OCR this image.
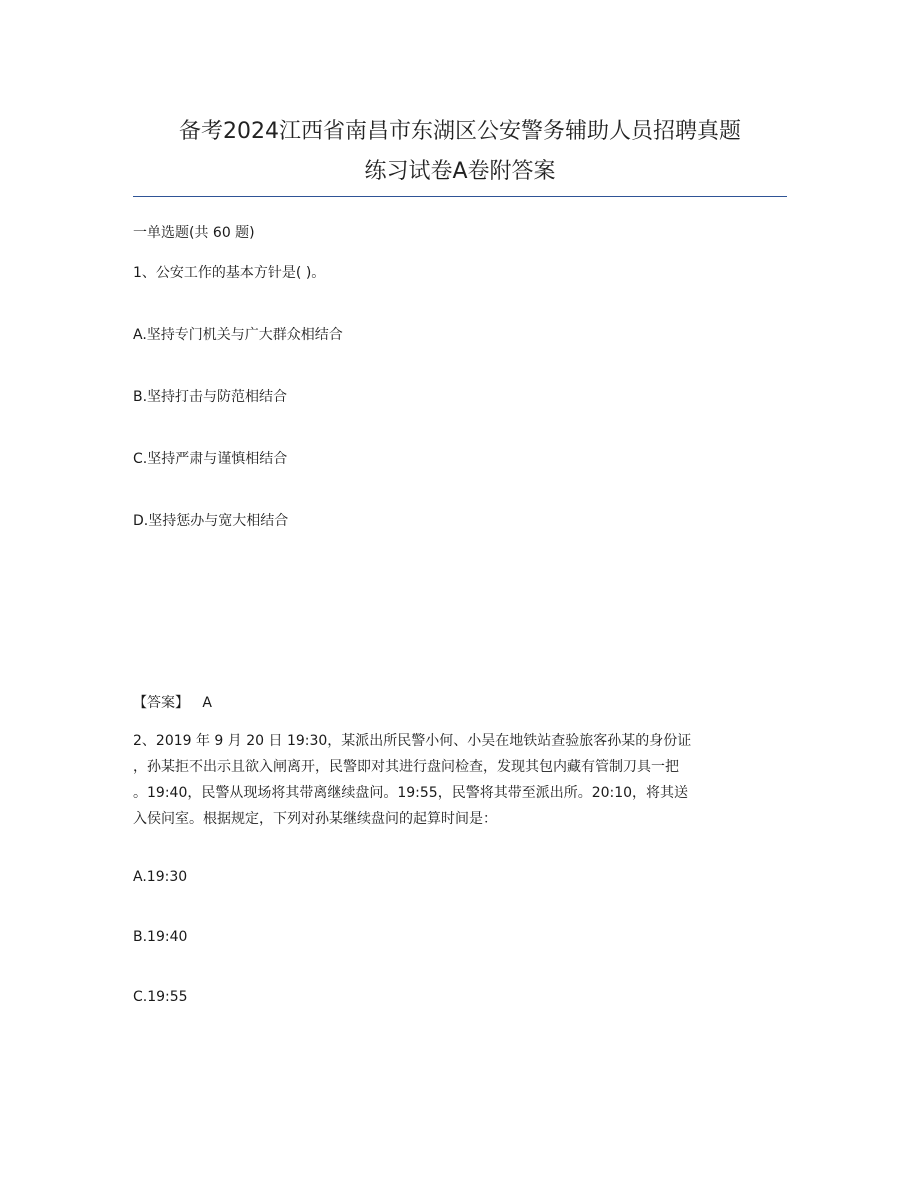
备考2024江西省南昌市东湖区公安警务辅助人员招聘真题
练习试卷A卷附答案
一单选题(共 60 题)
1、公安工作的基本方针是( )。
A.坚持专门机关与广大群众相结合
B.坚持打击与防范相结合
C.坚持严肃与谨慎相结合
D.坚持惩办与宽大相结合
【答案】 A
2、2019 年 9 月 20 日 19:30，某派出所民警小何、小吴在地铁站查验旅客孙某的身份证
，孙某拒不出示且欲入闸离开，民警即对其进行盘问检查，发现其包内藏有管制刀具一把
。19:40，民警从现场将其带离继续盘问。19:55，民警将其带至派出所。20:10，将其送
入侯问室。根据规定，下列对孙某继续盘问的起算时间是：
A.19:30
B.19:40
C.19:55
